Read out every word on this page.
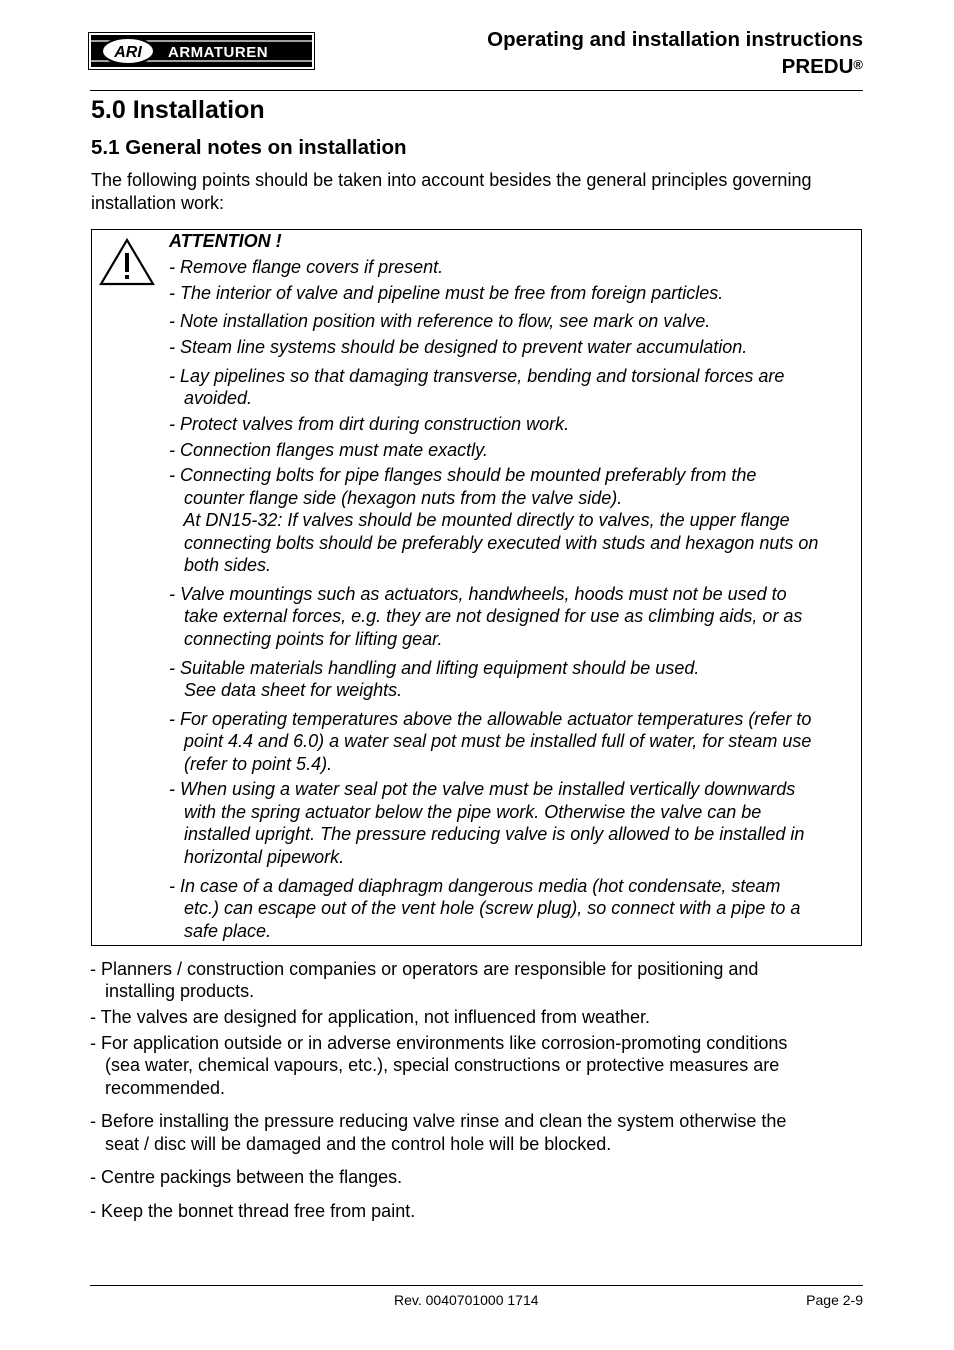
ARI ARMATUREN
Operating and installation instructions
PREDU®
5.0 Installation
5.1 General notes on installation
The following points should be taken into account besides the general principles governing
installation work:
ATTENTION !
- Remove flange covers if present.
- The interior of valve and pipeline must be free from foreign particles.
- Note installation position with reference to flow, see mark on valve.
- Steam line systems should be designed to prevent water accumulation.
- Lay pipelines so that damaging transverse, bending and torsional forces are
avoided.
- Protect valves from dirt during construction work.
- Connection flanges must mate exactly.
- Connecting bolts for pipe flanges should be mounted preferably from the
counter flange side (hexagon nuts from the valve side).
At DN15-32: If valves should be mounted directly to valves, the upper flange
connecting bolts should be preferably executed with studs and hexagon nuts on
both sides.
- Valve mountings such as actuators, handwheels, hoods must not be used to
take external forces, e.g. they are not designed for use as climbing aids, or as
connecting points for lifting gear.
- Suitable materials handling and lifting equipment should be used.
See data sheet for weights.
- For operating temperatures above the allowable actuator temperatures (refer to
point 4.4 and 6.0) a water seal pot must be installed full of water, for steam use
(refer to point 5.4).
- When using a water seal pot the valve must be installed vertically downwards
with the spring actuator below the pipe work. Otherwise the valve can be
installed upright. The pressure reducing valve is only allowed to be installed in
horizontal pipework.
- In case of a damaged diaphragm dangerous media (hot condensate, steam
etc.) can escape out of the vent hole (screw plug), so connect with a pipe to a
safe place.
- Planners / construction companies or operators are responsible for positioning and
installing products.
- The valves are designed for application, not influenced from weather.
- For application outside or in adverse environments like corrosion-promoting conditions
(sea water, chemical vapours, etc.), special constructions or protective measures are
recommended.
- Before installing the pressure reducing valve rinse and clean the system otherwise the
seat / disc will be damaged and the control hole will be blocked.
- Centre packings between the flanges.
- Keep the bonnet thread free from paint.
Rev. 0040701000 1714	Page 2-9
